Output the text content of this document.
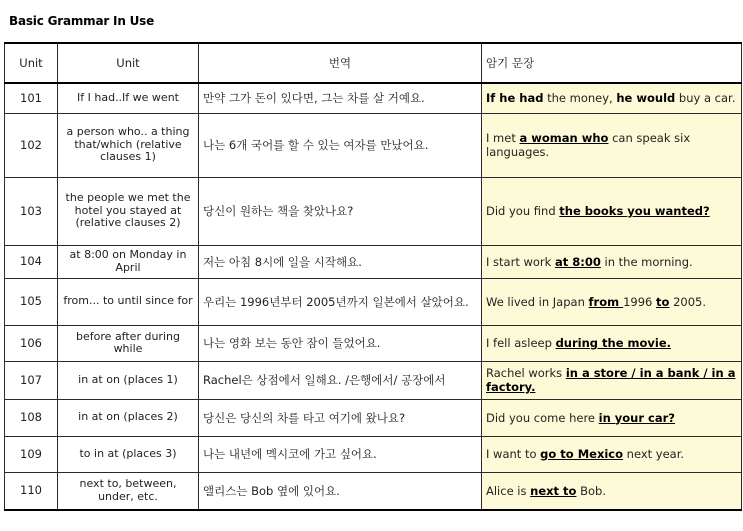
Basic Grammar In Use
Unit	Unit	번역	암기 문장
101	If I had..If we went	만약 그가 돈이 있다면, 그는 차를 살 거예요.	If he had the money, he would buy a car.
102	a person who.. a thing that/which (relative clauses 1)	나는 6개 국어를 할 수 있는 여자를 만났어요.	I met a woman who can speak six languages.
103	the people we met the hotel you stayed at (relative clauses 2)	당신이 원하는 책을 찾았나요?	Did you find the books you wanted?
104	at 8:00 on Monday in April	저는 아침 8시에 일을 시작해요.	I start work at 8:00 in the morning.
105	from... to until since for	우리는 1996년부터 2005년까지 일본에서 살았어요.	We lived in Japan from 1996 to 2005.
106	before after during while	나는 영화 보는 동안 잠이 들었어요.	I fell asleep during the movie.
107	in at on (places 1)	Rachel은 상점에서 일해요. /은행에서/ 공장에서	Rachel works in a store / in a bank / in a factory.
108	in at on (places 2)	당신은 당신의 차를 타고 여기에 왔나요?	Did you come here in your car?
109	to in at (places 3)	나는 내년에 멕시코에 가고 싶어요.	I want to go to Mexico next year.
110	next to, between, under, etc.	앨리스는 Bob 옆에 있어요.	Alice is next to Bob.
